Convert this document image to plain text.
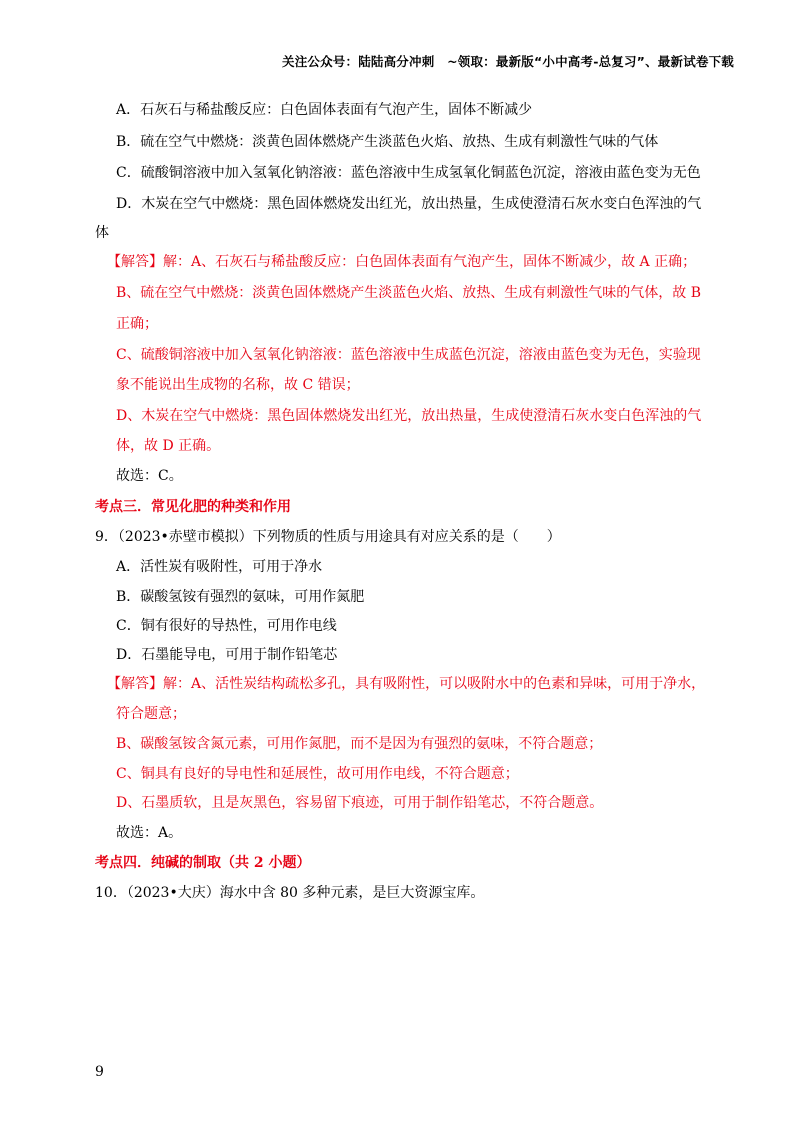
关注公众号：陆陆高分冲刺　~领取：最新版“小中高考-总复习”、最新试卷下载
A．石灰石与稀盐酸反应：白色固体表面有气泡产生，固体不断减少
B．硫在空气中燃烧：淡黄色固体燃烧产生淡蓝色火焰、放热、生成有刺激性气味的气体
C．硫酸铜溶液中加入氢氧化钠溶液：蓝色溶液中生成氢氧化铜蓝色沉淀，溶液由蓝色变为无色
D．木炭在空气中燃烧：黑色固体燃烧发出红光，放出热量，生成使澄清石灰水变白色浑浊的气
体
【解答】解：A、石灰石与稀盐酸反应：白色固体表面有气泡产生，固体不断减少，故 A 正确；
B、硫在空气中燃烧：淡黄色固体燃烧产生淡蓝色火焰、放热、生成有刺激性气味的气体，故 B
正确；
C、硫酸铜溶液中加入氢氧化钠溶液：蓝色溶液中生成蓝色沉淀，溶液由蓝色变为无色，实验现
象不能说出生成物的名称，故 C 错误；
D、木炭在空气中燃烧：黑色固体燃烧发出红光，放出热量，生成使澄清石灰水变白色浑浊的气
体，故 D 正确。
故选：C。
考点三．常见化肥的种类和作用
9．（2023•赤壁市模拟）下列物质的性质与用途具有对应关系的是（　　）
A．活性炭有吸附性，可用于净水
B．碳酸氢铵有强烈的氨味，可用作氮肥
C．铜有很好的导热性，可用作电线
D．石墨能导电，可用于制作铅笔芯
【解答】解：A、活性炭结构疏松多孔，具有吸附性，可以吸附水中的色素和异味，可用于净水，
符合题意；
B、碳酸氢铵含氮元素，可用作氮肥，而不是因为有强烈的氨味，不符合题意；
C、铜具有良好的导电性和延展性，故可用作电线，不符合题意；
D、石墨质软，且是灰黑色，容易留下痕迹，可用于制作铅笔芯，不符合题意。
故选：A。
考点四．纯碱的制取（共 2 小题）
10．（2023•大庆）海水中含 80 多种元素，是巨大资源宝库。
9
